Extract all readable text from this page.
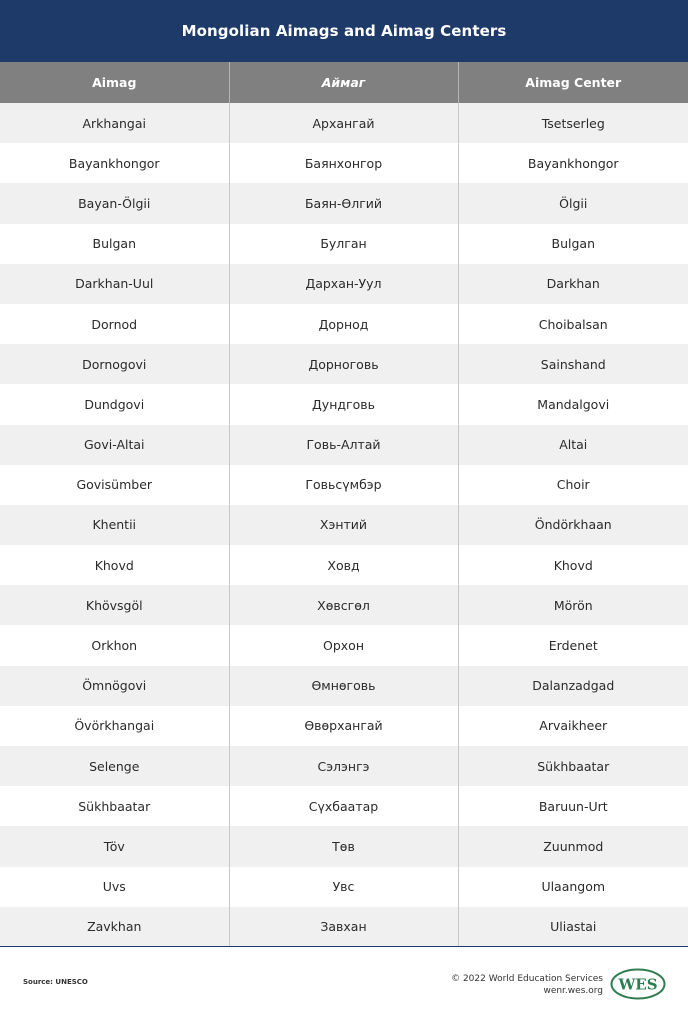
Mongolian Aimags and Aimag Centers
Aimag	Аймаг	Aimag Center
Arkhangai	Архангай	Tsetserleg
Bayankhongor	Баянхонгор	Bayankhongor
Bayan-Ölgii	Баян-Өлгий	Ölgii
Bulgan	Булган	Bulgan
Darkhan-Uul	Дархан-Уул	Darkhan
Dornod	Дорнод	Choibalsan
Dornogovi	Дорноговь	Sainshand
Dundgovi	Дундговь	Mandalgovi
Govi-Altai	Говь-Алтай	Altai
Govisümber	Говьсүмбэр	Choir
Khentii	Хэнтий	Öndörkhaan
Khovd	Ховд	Khovd
Khövsgöl	Хөвсгөл	Mörön
Orkhon	Орхон	Erdenet
Ömnögovi	Өмнөговь	Dalanzadgad
Övörkhangai	Өвөрхангай	Arvaikheer
Selenge	Сэлэнгэ	Sükhbaatar
Sükhbaatar	Сүхбаатар	Baruun-Urt
Töv	Төв	Zuunmod
Uvs	Увс	Ulaangom
Zavkhan	Завхан	Uliastai
Source: UNESCO	© 2022 World Education Services
wenr.wes.org WES
